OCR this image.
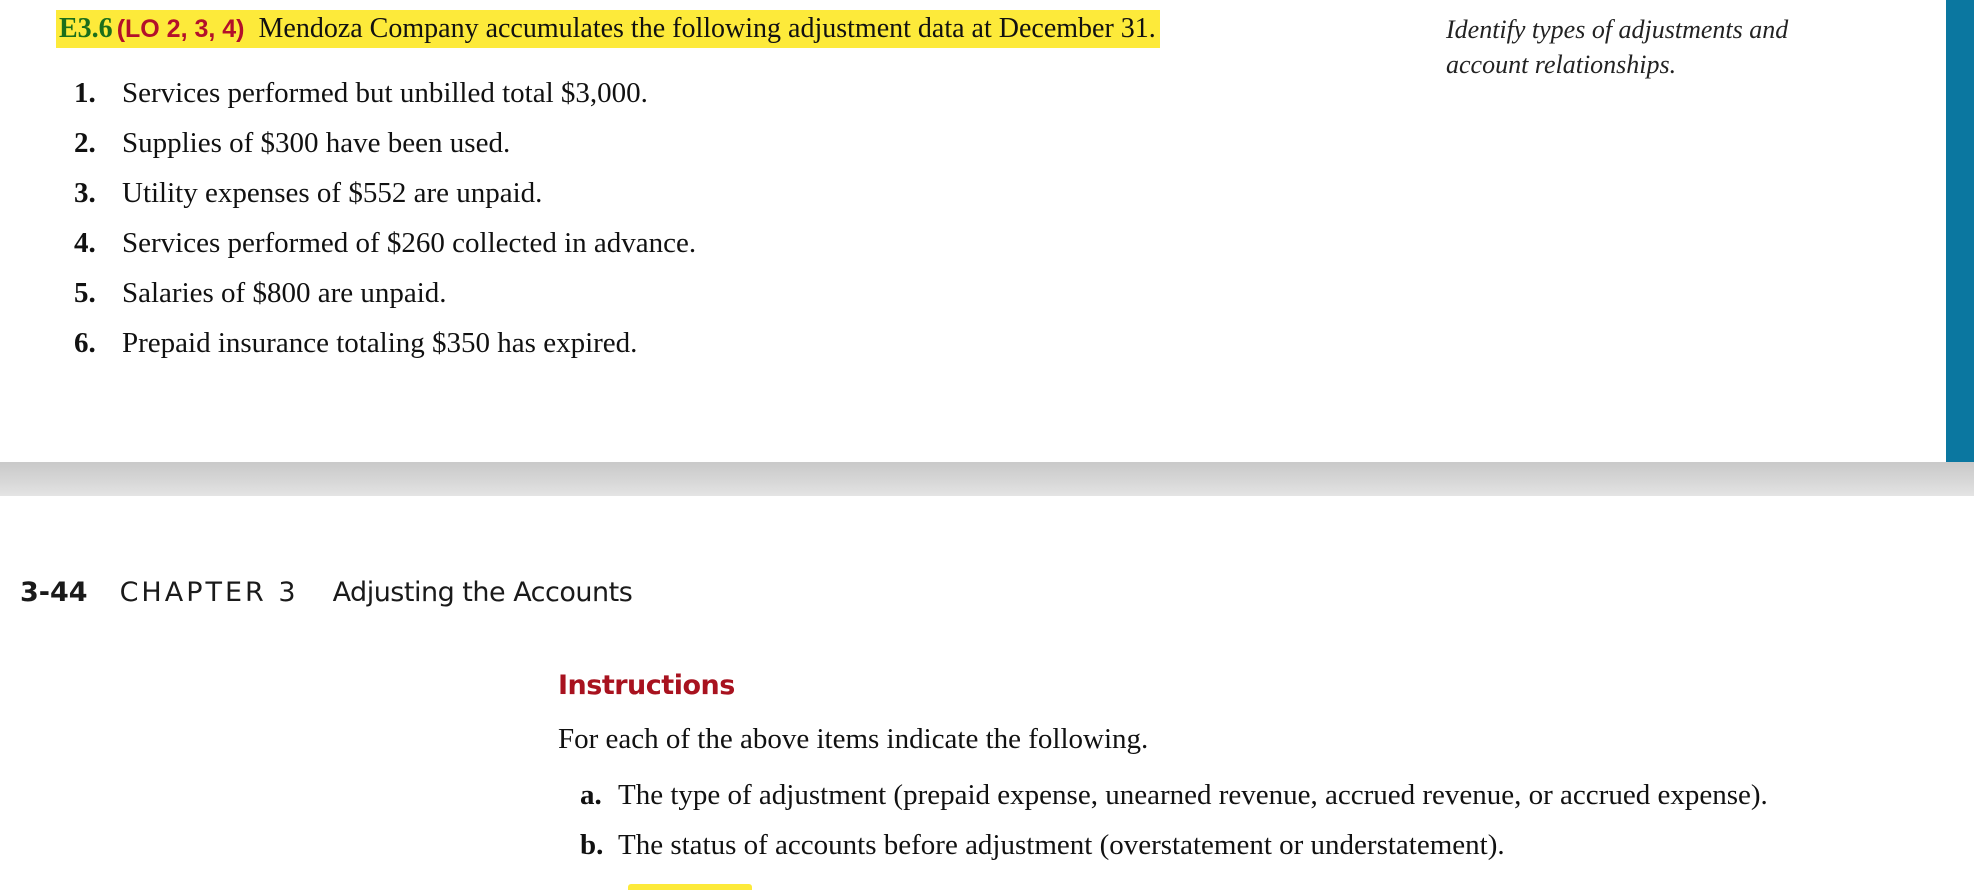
E3.6 (LO 2, 3, 4) Mendoza Company accumulates the following adjustment data at December 31.	Identify types of adjustments and
account relationships.
1. Services performed but unbilled total $3,000.
2. Supplies of $300 have been used.
3. Utility expenses of $552 are unpaid.
4. Services performed of $260 collected in advance.
5. Salaries of $800 are unpaid.
6. Prepaid insurance totaling $350 has expired.
3-44 CHAPTER 3 Adjusting the Accounts
Instructions
For each of the above items indicate the following.
a. The type of adjustment (prepaid expense, unearned revenue, accrued revenue, or accrued expense).
b. The status of accounts before adjustment (overstatement or understatement).
